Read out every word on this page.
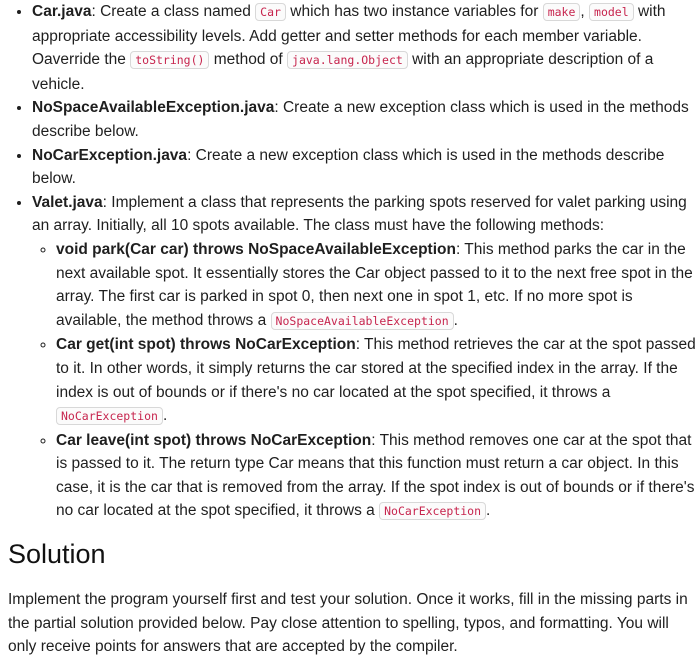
• Car.java: Create a class named Car which has two instance variables for make , model with appropriate accessibility levels. Add getter and setter methods for each member variable. Oaverride the toString() method of java.lang.Object with an appropriate description of a vehicle.
• NoSpaceAvailableException.java: Create a new exception class which is used in the methods describe below.
• NoCarException.java: Create a new exception class which is used in the methods describe below.
• Valet.java: Implement a class that represents the parking spots reserved for valet parking using an array. Initially, all 10 spots available. The class must have the following methods:
◦ void park(Car car) throws NoSpaceAvailableException: This method parks the car in the next available spot. It essentially stores the Car object passed to it to the next free spot in the array. The first car is parked in spot 0, then next one in spot 1, etc. If no more spot is available, the method throws a NoSpaceAvailableException .
◦ Car get(int spot) throws NoCarException: This method retrieves the car at the spot passed to it. In other words, it simply returns the car stored at the specified index in the array. If the index is out of bounds or if there's no car located at the spot specified, it throws a NoCarException .
◦ Car leave(int spot) throws NoCarException: This method removes one car at the spot that is passed to it. The return type Car means that this function must return a car object. In this case, it is the car that is removed from the array. If the spot index is out of bounds or if there's no car located at the spot specified, it throws a NoCarException .
Solution

Implement the program yourself first and test your solution. Once it works, fill in the missing parts in the partial solution provided below. Pay close attention to spelling, typos, and formatting. You will only receive points for answers that are accepted by the compiler.
